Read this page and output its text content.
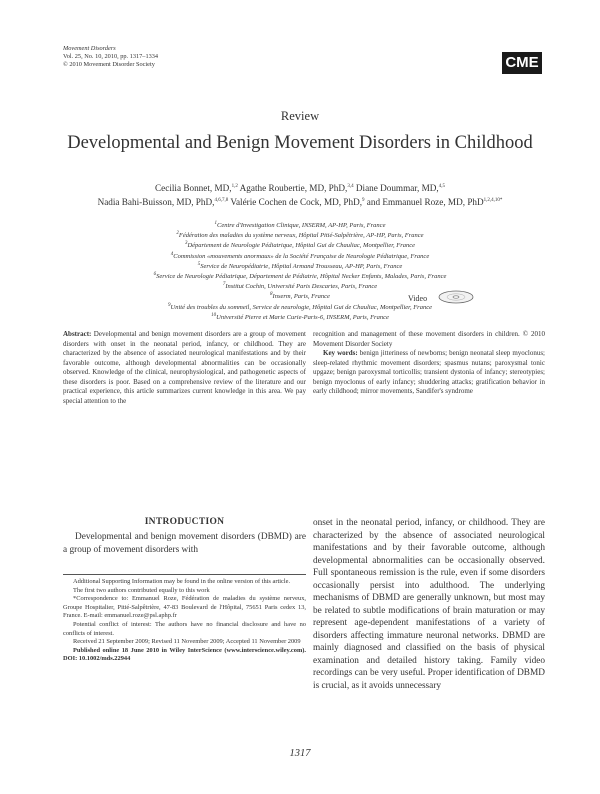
Movement Disorders
Vol. 25, No. 10, 2010, pp. 1317–1334
© 2010 Movement Disorder Society	CME
Review
Developmental and Benign Movement Disorders in Childhood
Cecilia Bonnet, MD,$^{1,2}$ Agathe Roubertie, MD, PhD,$^{3,4}$ Diane Doummar, MD,$^{4,5}$
Nadia Bahi-Buisson, MD, PhD,$^{4,6,7,8}$ Valérie Cochen de Cock, MD, PhD,$^9$ and Emmanuel Roze, MD, PhD$^{1,2,4,10*}$
$^1$Centre d'Investigation Clinique, INSERM, AP-HP, Paris, France
$^2$Fédération des maladies du système nerveux, Hôpital Pitié-Salpêtrière, AP-HP, Paris, France
$^3$Département de Neurologie Pédiatrique, Hôpital Gui de Chauliac, Montpellier, France
$^4$Commission «mouvements anormaux» de la Société Française de Neurologie Pédiatrique, France
$^5$Service de Neuropédiatrie, Hôpital Armand Trousseau, AP-HP, Paris, France
$^6$Service de Neurologie Pédiatrique, Département de Pédiatrie, Hôpital Necker Enfants, Malades, Paris, France
$^7$Institut Cochin, Université Paris Descartes, Paris, France
$^8$Inserm, Paris, France
$^9$Unité des troubles du sommeil, Service de neurologie, Hôpital Gui de Chauliac, Montpellier, France
$^{10}$Université Pierre et Marie Curie-Paris-6, INSERM, Paris, France
Video
Abstract: Developmental and benign movement disorders are a group of movement disorders with onset in the neonatal period, infancy, or childhood. They are characterized by the absence of associated neurological manifestations and by their favorable outcome, although developmental abnormalities can be occasionally observed. Knowledge of the clinical, neurophysiological, and pathogenetic aspects of these disorders is poor. Based on a comprehensive review of the literature and our practical experience, this article summarizes current knowledge in this area. We pay special attention to the
recognition and management of these movement disorders in children. © 2010 Movement Disorder Society
Key words: benign jitteriness of newborns; benign neonatal sleep myoclonus; sleep-related rhythmic movement disorders; spasmus nutans; paroxysmal tonic upgaze; benign paroxysmal torticollis; transient dystonia of infancy; stereotypies; benign myoclonus of early infancy; shuddering attacks; gratification behavior in early childhood; mirror movements, Sandifer's syndrome
INTRODUCTION
Developmental and benign movement disorders (DBMD) are a group of movement disorders with
onset in the neonatal period, infancy, or childhood. They are characterized by the absence of associated neurological manifestations and by their favorable outcome, although developmental abnormalities can be occasionally observed. Full spontaneous remission is the rule, even if some disorders occasionally persist into adulthood. The underlying mechanisms of DBMD are generally unknown, but most may be related to subtle modifications of brain maturation or may represent age-dependent manifestations of a variety of disorders affecting immature neuronal networks. DBMD are mainly diagnosed and classified on the basis of physical examination and detailed history taking. Family video recordings can be very useful. Proper identification of DBMD is crucial, as it avoids unnecessary

Additional Supporting Information may be found in the online version of this article.

The first two authors contributed equally to this work

*Correspondence to: Emmanuel Roze, Fédération de maladies du système nerveux, Groupe Hospitalier, Pitié-Salpêtrière, 47-83 Boulevard de l'Hôpital, 75651 Paris cedex 13, France. E-mail: emmanuel.roze@psl.aphp.fr

Potential conflict of interest: The authors have no financial disclosure and have no conflicts of interest.

Received 21 September 2009; Revised 11 November 2009; Accepted 11 November 2009

Published online 18 June 2010 in Wiley InterScience (www.interscience.wiley.com). DOI: 10.1002/mds.22944

1317
